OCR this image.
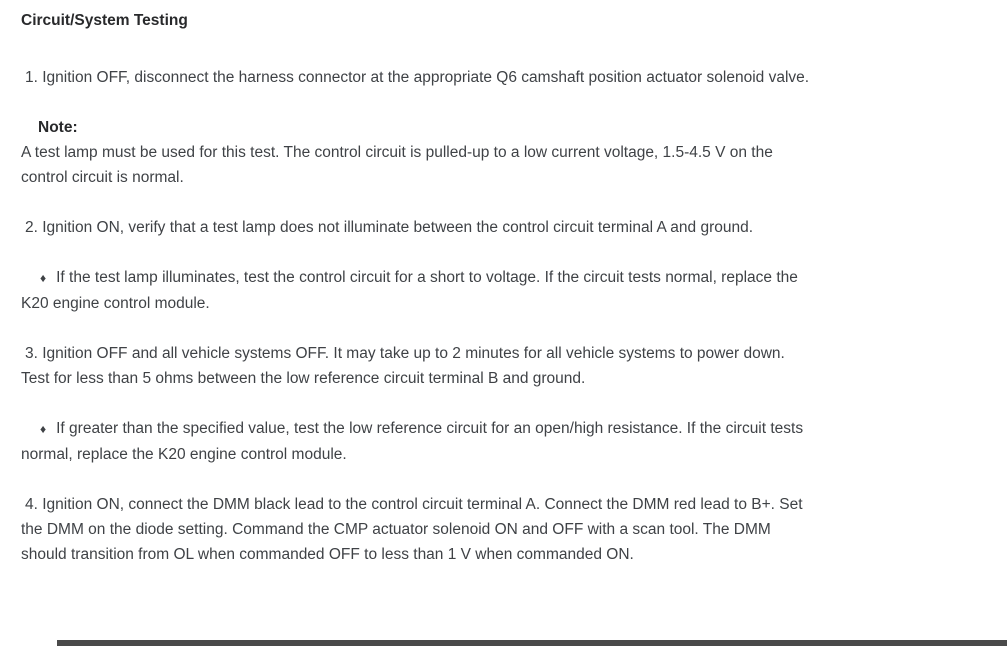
Circuit/System Testing

1. Ignition OFF, disconnect the harness connector at the appropriate Q6 camshaft position actuator solenoid valve.

Note:

A test lamp must be used for this test. The control circuit is pulled-up to a low current voltage, 1.5-4.5 V on the control circuit is normal.

2. Ignition ON, verify that a test lamp does not illuminate between the control circuit terminal A and ground.

♦ If the test lamp illuminates, test the control circuit for a short to voltage. If the circuit tests normal, replace the K20 engine control module.

3. Ignition OFF and all vehicle systems OFF. It may take up to 2 minutes for all vehicle systems to power down. Test for less than 5 ohms between the low reference circuit terminal B and ground.

♦ If greater than the specified value, test the low reference circuit for an open/high resistance. If the circuit tests normal, replace the K20 engine control module.

4. Ignition ON, connect the DMM black lead to the control circuit terminal A. Connect the DMM red lead to B+. Set the DMM on the diode setting. Command the CMP actuator solenoid ON and OFF with a scan tool. The DMM should transition from OL when commanded OFF to less than 1 V when commanded ON.
